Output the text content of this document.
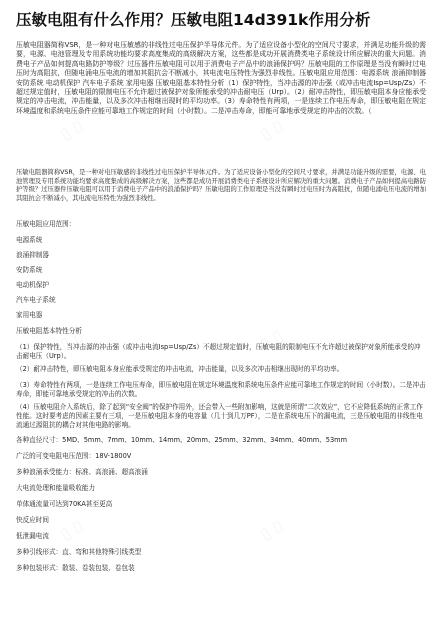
压敏电阻有什么作用？压敏电阻14d391k作用分析
压敏电阻器简称VSR，是一种对电压敏感的非线性过电压保护半导体元件。为了适应设备小型化的空间尺寸要求，并满足功能升级的需要，电源、电池管理及专用系统功能均要求高度集成的高级解决方案，这些都是成功开展消费类电子系统设计所应解决的重大问题。消费电子产品如何提高电路防护等级？过压器件压敏电阻可以用于消费电子产品中的浪涌保护吗？压敏电阻的工作原理是当没有瞬时过电压时为高阻抗，但随电涌电压电流的增加其阻抗会不断减小，其电流电压特性为强烈非线性。压敏电阻应用范围：电源系统 浪涌抑制器 安防系统 电动机保护 汽车电子系统 家用电器 压敏电阻基本特性分析（1）保护特性，当冲击源的冲击强（或冲击电流Isp=Usp/Zs）不超过规定值时，压敏电阻的限制电压不允许超过被保护对象所能承受的冲击耐电压（Urp）。（2）耐冲击特性，即压敏电阻本身应能承受规定的冲击电流，冲击能量，以及多次冲击相继出现时的平均功率。（3）寿命特性有两项，一是连续工作电压寿命，即压敏电阻在规定环境温度和系统电压条件应能可靠地工作规定的时间（小时数）。二是冲击寿命，即能可靠地承受规定的冲击的次数。（
压敏电阻器简称VSR，是一种对电压敏感的非线性过电压保护半导体元件。为了适应设备小型化的空间尺寸要求，并满足功能升级的需要，电源、电池管理及专用系统功能均要求高度集成的高级解决方案，这些都是成功开展消费类电子系统设计所应解决的重大问题。消费电子产品如何提高电路防护等级？过压器件压敏电阻可以用于消费电子产品中的浪涌保护吗？压敏电阻的工作原理是当没有瞬时过电压时为高阻抗，但随电涌电压电流的增加其阻抗会不断减小，其电流电压特性为强烈非线性。
压敏电阻应用范围：
电源系统
浪涌抑制器
安防系统
电动机保护
汽车电子系统
家用电器
压敏电阻基本特性分析
（1）保护特性，当冲击源的冲击强（或冲击电流Isp=Usp/Zs）不超过规定值时，压敏电阻的限制电压不允许超过被保护对象所能承受的冲击耐电压（Urp）。
（2）耐冲击特性，即压敏电阻本身应能承受规定的冲击电流，冲击能量，以及多次冲击相继出现时的平均功率。
（3）寿命特性有两项，一是连续工作电压寿命，即压敏电阻在规定环境温度和系统电压条件应能可靠地工作规定的时间（小时数）。二是冲击寿命，即能可靠地承受规定的冲击的次数。
（4）压敏电阻介入系统后，除了起到“安全阀”的保护作用外，还会带入一些附加影响，这就是所谓“二次效应”，它不应降低系统的正常工作性能。这时要考虑的因素主要有三项，一是压敏电阻本身的电容量（几十到几万PF），二是在系统电压下的漏电流，三是压敏电阻的非线性电流通过源阻抗的耦合对其他电路的影响。
各种直径尺寸：5MD、5mm、7mm、10mm、14mm、20mm、25mm、32mm、34mm、40mm、53mm
广泛的可变电阻电压范围：18V-1800V
多种浪涌承受能力：标准、高浪涌、超高浪涌
大电流处理和能量吸收能力
单体通流量可达到70KA甚至更高
快反应时间
低泄漏电流
多种引线形式：直、弯和其他特殊引线类型
多种包装形式：散装、卷装包装、卷包装
